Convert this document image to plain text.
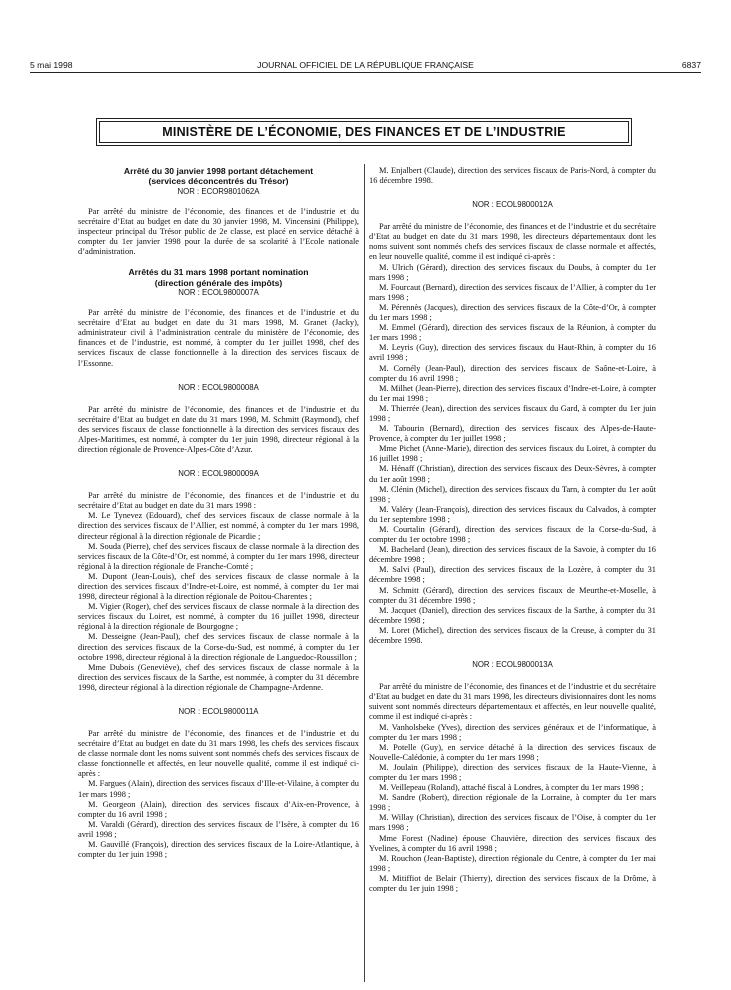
5 mai 1998	JOURNAL OFFICIEL DE LA RÉPUBLIQUE FRANÇAISE	6837
MINISTÈRE DE L’ÉCONOMIE, DES FINANCES ET DE L’INDUSTRIE
Arrêté du 30 janvier 1998 portant détachement
(services déconcentrés du Trésor)
NOR : ECOR9801062A

Par arrêté du ministre de l’économie, des finances et de l’industrie et du secrétaire d’Etat au budget en date du 30 janvier 1998, M. Vincensini (Philippe), inspecteur principal du Trésor public de 2e classe, est placé en service détaché à compter du 1er janvier 1998 pour la durée de sa scolarité à l’Ecole nationale d’administration.

Arrêtés du 31 mars 1998 portant nomination
(direction générale des impôts)
NOR : ECOL9800007A

Par arrêté du ministre de l’économie, des finances et de l’industrie et du secrétaire d’Etat au budget en date du 31 mars 1998, M. Granet (Jacky), administrateur civil à l’administration centrale du ministère de l’économie, des finances et de l’industrie, est nommé, à compter du 1er juillet 1998, chef des services fiscaux de classe fonctionnelle à la direction des services fiscaux de l’Essonne.

NOR : ECOL9800008A

Par arrêté du ministre de l’économie, des finances et de l’industrie et du secrétaire d’Etat au budget en date du 31 mars 1998, M. Schmitt (Raymond), chef des services fiscaux de classe fonctionnelle à la direction des services fiscaux des Alpes-Maritimes, est nommé, à compter du 1er juin 1998, directeur régional à la direction régionale de Provence-Alpes-Côte d’Azur.

NOR : ECOL9800009A

Par arrêté du ministre de l’économie, des finances et de l’industrie et du secrétaire d’Etat au budget en date du 31 mars 1998 :

M. Le Tynevez (Edouard), chef des services fiscaux de classe normale à la direction des services fiscaux de l’Allier, est nommé, à compter du 1er mars 1998, directeur régional à la direction régionale de Picardie ;

M. Souda (Pierre), chef des services fiscaux de classe normale à la direction des services fiscaux de la Côte-d’Or, est nommé, à compter du 1er mars 1998, directeur régional à la direction régionale de Franche-Comté ;

M. Dupont (Jean-Louis), chef des services fiscaux de classe normale à la direction des services fiscaux d’Indre-et-Loire, est nommé, à compter du 1er mai 1998, directeur régional à la direction régionale de Poitou-Charentes ;

M. Vigier (Roger), chef des services fiscaux de classe normale à la direction des services fiscaux du Loiret, est nommé, à compter du 16 juillet 1998, directeur régional à la direction régionale de Bourgogne ;

M. Desseigne (Jean-Paul), chef des services fiscaux de classe normale à la direction des services fiscaux de la Corse-du-Sud, est nommé, à compter du 1er octobre 1998, directeur régional à la direction régionale de Languedoc-Roussillon ;

Mme Dubois (Geneviève), chef des services fiscaux de classe normale à la direction des services fiscaux de la Sarthe, est nommée, à compter du 31 décembre 1998, directeur régional à la direction régionale de Champagne-Ardenne.

NOR : ECOL9800011A

Par arrêté du ministre de l’économie, des finances et de l’industrie et du secrétaire d’Etat au budget en date du 31 mars 1998, les chefs des services fiscaux de classe normale dont les noms suivent sont nommés chefs des services fiscaux de classe fonctionnelle et affectés, en leur nouvelle qualité, comme il est indiqué ci-après :

M. Fargues (Alain), direction des services fiscaux d’Ille-et-Vilaine, à compter du 1er mars 1998 ;

M. Georgeon (Alain), direction des services fiscaux d’Aix-en-Provence, à compter du 16 avril 1998 ;

M. Varaldi (Gérard), direction des services fiscaux de l’Isère, à compter du 16 avril 1998 ;

M. Gauvillé (François), direction des services fiscaux de la Loire-Atlantique, à compter du 1er juin 1998 ;

M. Enjalbert (Claude), direction des services fiscaux de Paris-Nord, à compter du 16 décembre 1998.

NOR : ECOL9800012A

Par arrêté du ministre de l’économie, des finances et de l’industrie et du secrétaire d’Etat au budget en date du 31 mars 1998, les directeurs départementaux dont les noms suivent sont nommés chefs des services fiscaux de classe normale et affectés, en leur nouvelle qualité, comme il est indiqué ci-après :

M. Ulrich (Gérard), direction des services fiscaux du Doubs, à compter du 1er mars 1998 ;

M. Fourcaut (Bernard), direction des services fiscaux de l’Allier, à compter du 1er mars 1998 ;

M. Pérennès (Jacques), direction des services fiscaux de la Côte-d’Or, à compter du 1er mars 1998 ;

M. Emmel (Gérard), direction des services fiscaux de la Réunion, à compter du 1er mars 1998 ;

M. Leyris (Guy), direction des services fiscaux du Haut-Rhin, à compter du 16 avril 1998 ;

M. Cornély (Jean-Paul), direction des services fiscaux de Saône-et-Loire, à compter du 16 avril 1998 ;

M. Milhet (Jean-Pierre), direction des services fiscaux d’Indre-et-Loire, à compter du 1er mai 1998 ;

M. Thierrée (Jean), direction des services fiscaux du Gard, à compter du 1er juin 1998 ;

M. Tabourin (Bernard), direction des services fiscaux des Alpes-de-Haute-Provence, à compter du 1er juillet 1998 ;

Mme Pichet (Anne-Marie), direction des services fiscaux du Loiret, à compter du 16 juillet 1998 ;

M. Hénaff (Christian), direction des services fiscaux des Deux-Sèvres, à compter du 1er août 1998 ;

M. Clénin (Michel), direction des services fiscaux du Tarn, à compter du 1er août 1998 ;

M. Valéry (Jean-François), direction des services fiscaux du Calvados, à compter du 1er septembre 1998 ;

M. Courtalin (Gérard), direction des services fiscaux de la Corse-du-Sud, à compter du 1er octobre 1998 ;

M. Bachelard (Jean), direction des services fiscaux de la Savoie, à compter du 16 décembre 1998 ;

M. Salvi (Paul), direction des services fiscaux de la Lozère, à compter du 31 décembre 1998 ;

M. Schmitt (Gérard), direction des services fiscaux de Meurthe-et-Moselle, à compter du 31 décembre 1998 ;

M. Jacquet (Daniel), direction des services fiscaux de la Sarthe, à compter du 31 décembre 1998 ;

M. Loret (Michel), direction des services fiscaux de la Creuse, à compter du 31 décembre 1998.

NOR : ECOL9800013A

Par arrêté du ministre de l’économie, des finances et de l’industrie et du secrétaire d’Etat au budget en date du 31 mars 1998, les directeurs divisionnaires dont les noms suivent sont nommés directeurs départementaux et affectés, en leur nouvelle qualité, comme il est indiqué ci-après :

M. Vanholsbeke (Yves), direction des services généraux et de l’informatique, à compter du 1er mars 1998 ;

M. Potelle (Guy), en service détaché à la direction des services fiscaux de Nouvelle-Calédonie, à compter du 1er mars 1998 ;

M. Joulain (Philippe), direction des services fiscaux de la Haute-Vienne, à compter du 1er mars 1998 ;

M. Veillepeau (Roland), attaché fiscal à Londres, à compter du 1er mars 1998 ;

M. Sandre (Robert), direction régionale de la Lorraine, à compter du 1er mars 1998 ;

M. Willay (Christian), direction des services fiscaux de l’Oise, à compter du 1er mars 1998 ;

Mme Forest (Nadine) épouse Chauvière, direction des services fiscaux des Yvelines, à compter du 16 avril 1998 ;

M. Rouchon (Jean-Baptiste), direction régionale du Centre, à compter du 1er mai 1998 ;

M. Mitiffiot de Belair (Thierry), direction des services fiscaux de la Drôme, à compter du 1er juin 1998 ;
